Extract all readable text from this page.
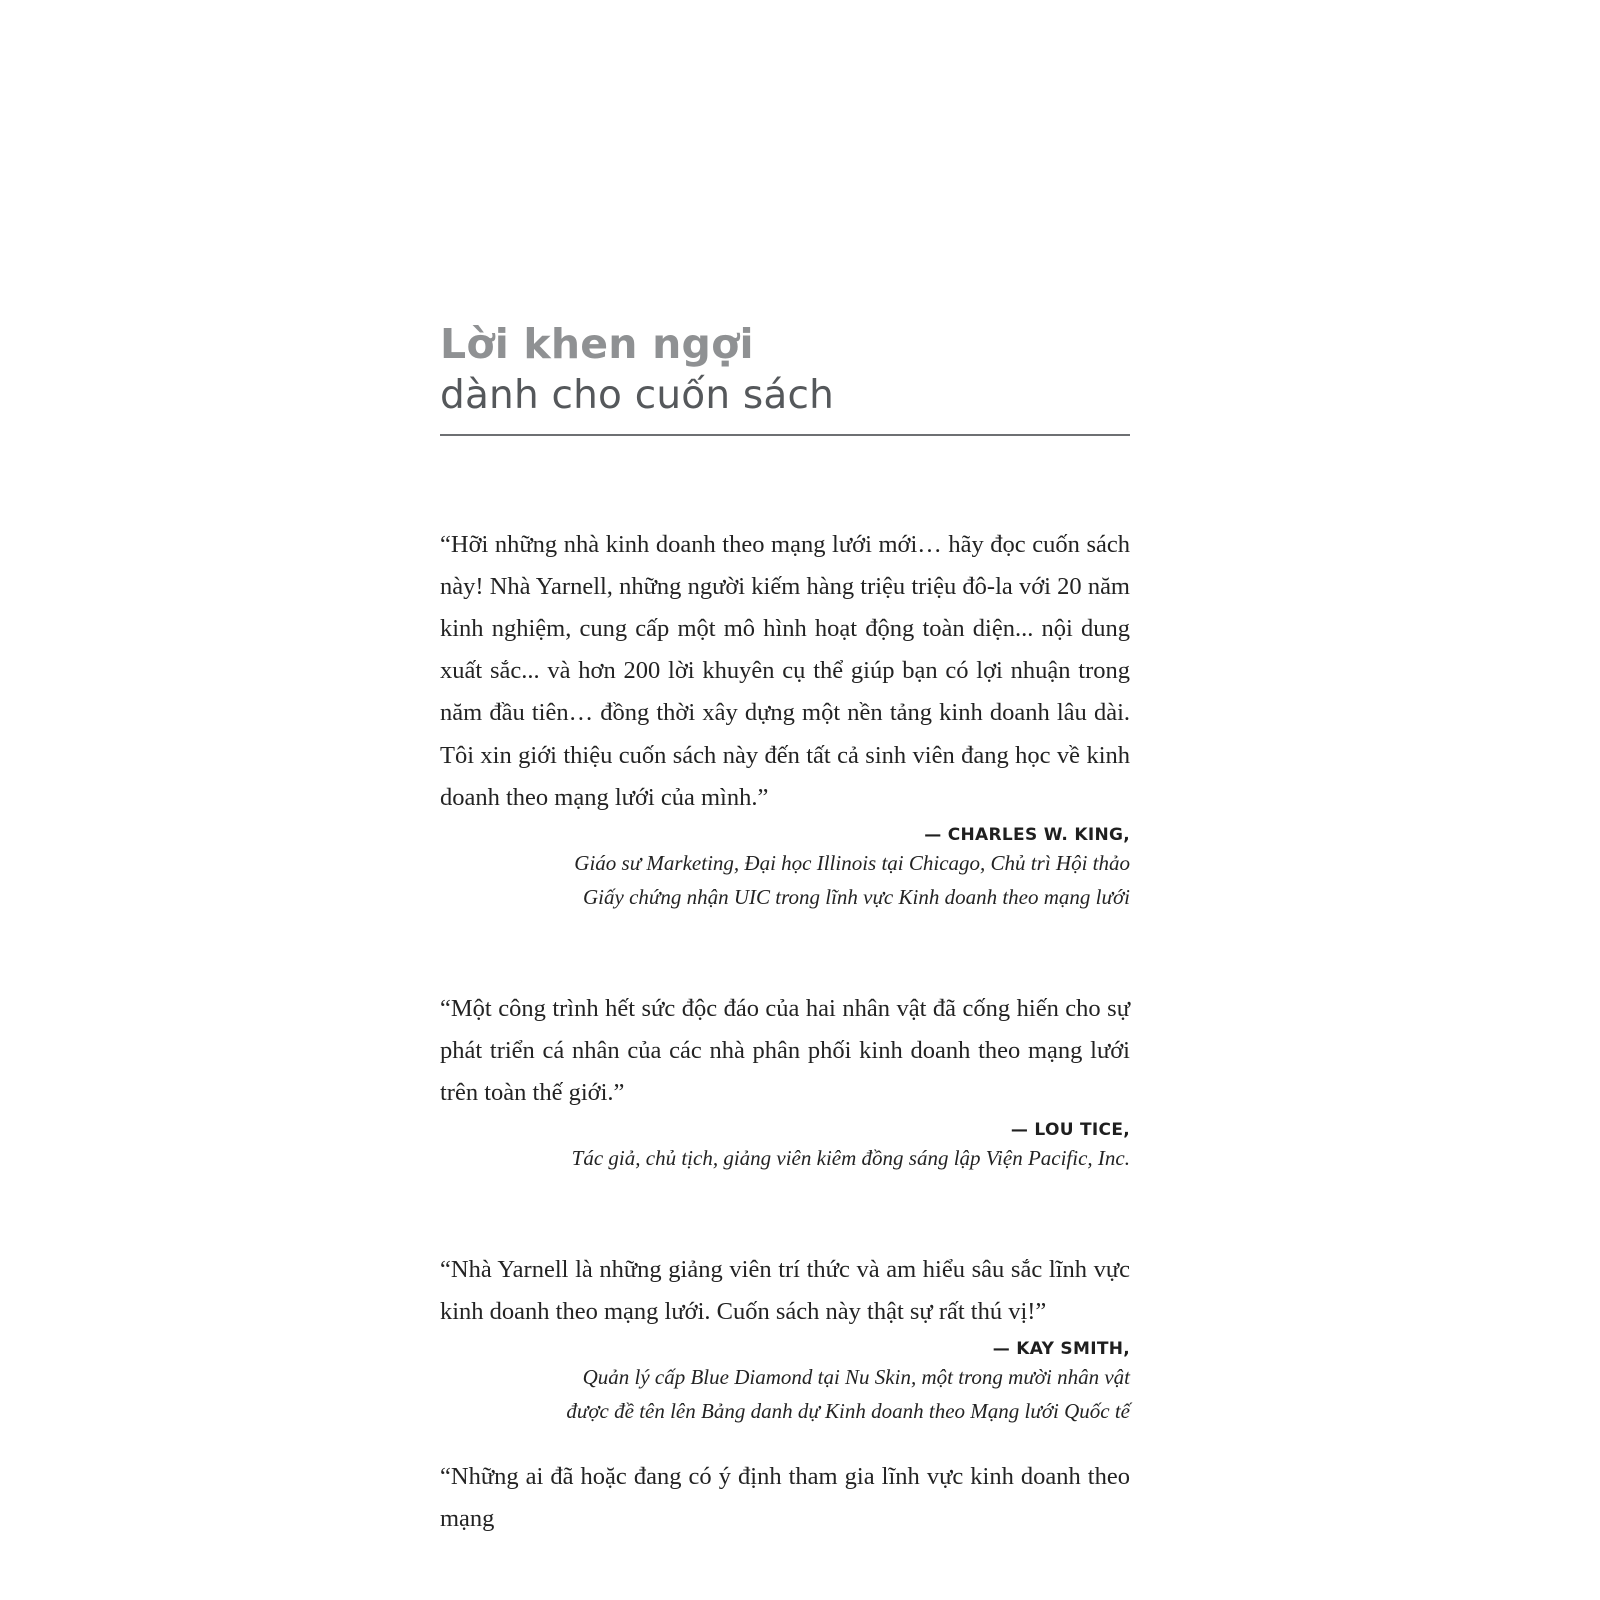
Lời khen ngợi
dành cho cuốn sách

“Hỡi những nhà kinh doanh theo mạng lưới mới… hãy đọc cuốn sách này! Nhà Yarnell, những người kiếm hàng triệu triệu đô-la với 20 năm kinh nghiệm, cung cấp một mô hình hoạt động toàn diện... nội dung xuất sắc... và hơn 200 lời khuyên cụ thể giúp bạn có lợi nhuận trong năm đầu tiên… đồng thời xây dựng một nền tảng kinh doanh lâu dài. Tôi xin giới thiệu cuốn sách này đến tất cả sinh viên đang học về kinh doanh theo mạng lưới của mình.”

— CHARLES W. KING,
Giáo sư Marketing, Đại học Illinois tại Chicago, Chủ trì Hội thảo
Giấy chứng nhận UIC trong lĩnh vực Kinh doanh theo mạng lưới

“Một công trình hết sức độc đáo của hai nhân vật đã cống hiến cho sự phát triển cá nhân của các nhà phân phối kinh doanh theo mạng lưới trên toàn thế giới.”

— LOU TICE,
Tác giả, chủ tịch, giảng viên kiêm đồng sáng lập Viện Pacific, Inc.

“Nhà Yarnell là những giảng viên trí thức và am hiểu sâu sắc lĩnh vực kinh doanh theo mạng lưới. Cuốn sách này thật sự rất thú vị!”

— KAY SMITH,
Quản lý cấp Blue Diamond tại Nu Skin, một trong mười nhân vật
được đề tên lên Bảng danh dự Kinh doanh theo Mạng lưới Quốc tế

“Những ai đã hoặc đang có ý định tham gia lĩnh vực kinh doanh theo mạng
